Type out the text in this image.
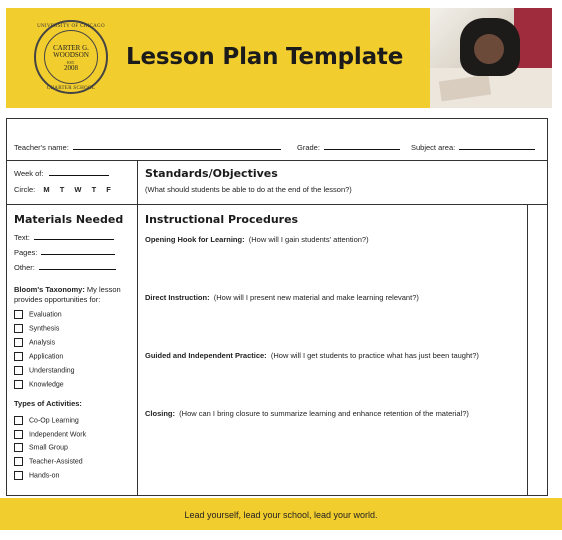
UNIVERSITY OF CHICAGO
CARTER G.
WOODSON
EST.
2008
CHARTER SCHOOL
Lesson Plan Template
Teacher's name:	Grade:	Subject area:
Week of:
Circle: M T W T F
Standards/Objectives
(What should students be able to do at the end of the lesson?)
Materials Needed
Text:
Pages:
Other:
Bloom's Taxonomy: My lesson
provides opportunities for:
Evaluation
Synthesis
Analysis
Application
Understanding
Knowledge
Types of Activities:
Co-Op Learning
Independent Work
Small Group
Teacher-Assisted
Hands-on
Instructional Procedures
Opening Hook for Learning: (How will I gain students' attention?)
Direct Instruction: (How will I present new material and make learning relevant?)
Guided and Independent Practice: (How will I get students to practice what has just been taught?)
Closing: (How can I bring closure to summarize learning and enhance retention of the material?)
Lead yourself, lead your school, lead your world.
